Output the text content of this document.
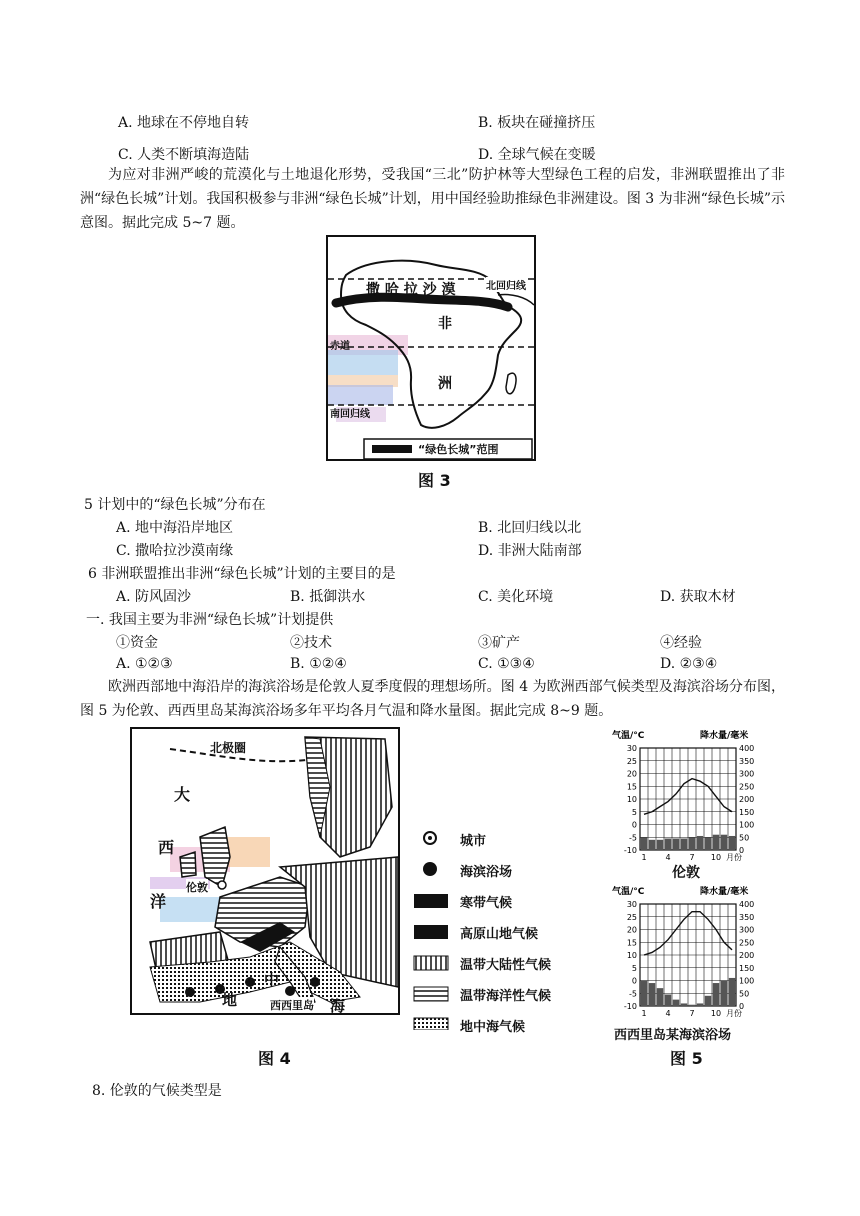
A. 地球在不停地自转	B. 板块在碰撞挤压
C. 人类不断填海造陆	D. 全球气候在变暖
为应对非洲严峻的荒漠化与土地退化形势，受我国“三北”防护林等大型绿色工程的启发，非洲联盟推出了非洲“绿色长城”计划。我国积极参与非洲“绿色长城”计划，用中国经验助推绿色非洲建设。图 3 为非洲“绿色长城”示意图。据此完成 5~7 题。
撒 哈 拉 沙 漠	北回归线
非
赤道
洲
南回归线
“绿色长城”范围
图 3
5 计划中的“绿色长城”分布在
A. 地中海沿岸地区	B. 北回归线以北
C. 撒哈拉沙漠南缘	D. 非洲大陆南部
6 非洲联盟推出非洲“绿色长城”计划的主要目的是
A. 防风固沙	B. 抵御洪水	C. 美化环境	D. 获取木材
一. 我国主要为非洲“绿色长城”计划提供
①资金	②技术	③矿产	④经验
A. ①②③	B. ①②④	C. ①③④	D. ②③④
欧洲西部地中海沿岸的海滨浴场是伦敦人夏季度假的理想场所。图 4 为欧洲西部气候类型及海滨浴场分布图，图 5 为伦敦、西西里岛某海滨浴场多年平均各月气温和降水量图。据此完成 8~9 题。
北极圈
大
西
洋
伦敦
地
中
海
西西里岛
图 4
城市
海滨浴场
寒带气候
高原山地气候
温带大陆性气候
温带海洋性气候
地中海气候
气温/°C	降水量/毫米
30	400
25	350
20	300
15	250
10	200
5	150
0	100
-5	50
-10	0
1 4 7 10 月份
气温/°C	降水量/毫米
30	400
25	350
20	300
15	250
10	200
5	150
0	100
-5	50
-10	0
1 4 7 10 月份
伦敦
西西里岛某海滨浴场
图 5
8. 伦敦的气候类型是
